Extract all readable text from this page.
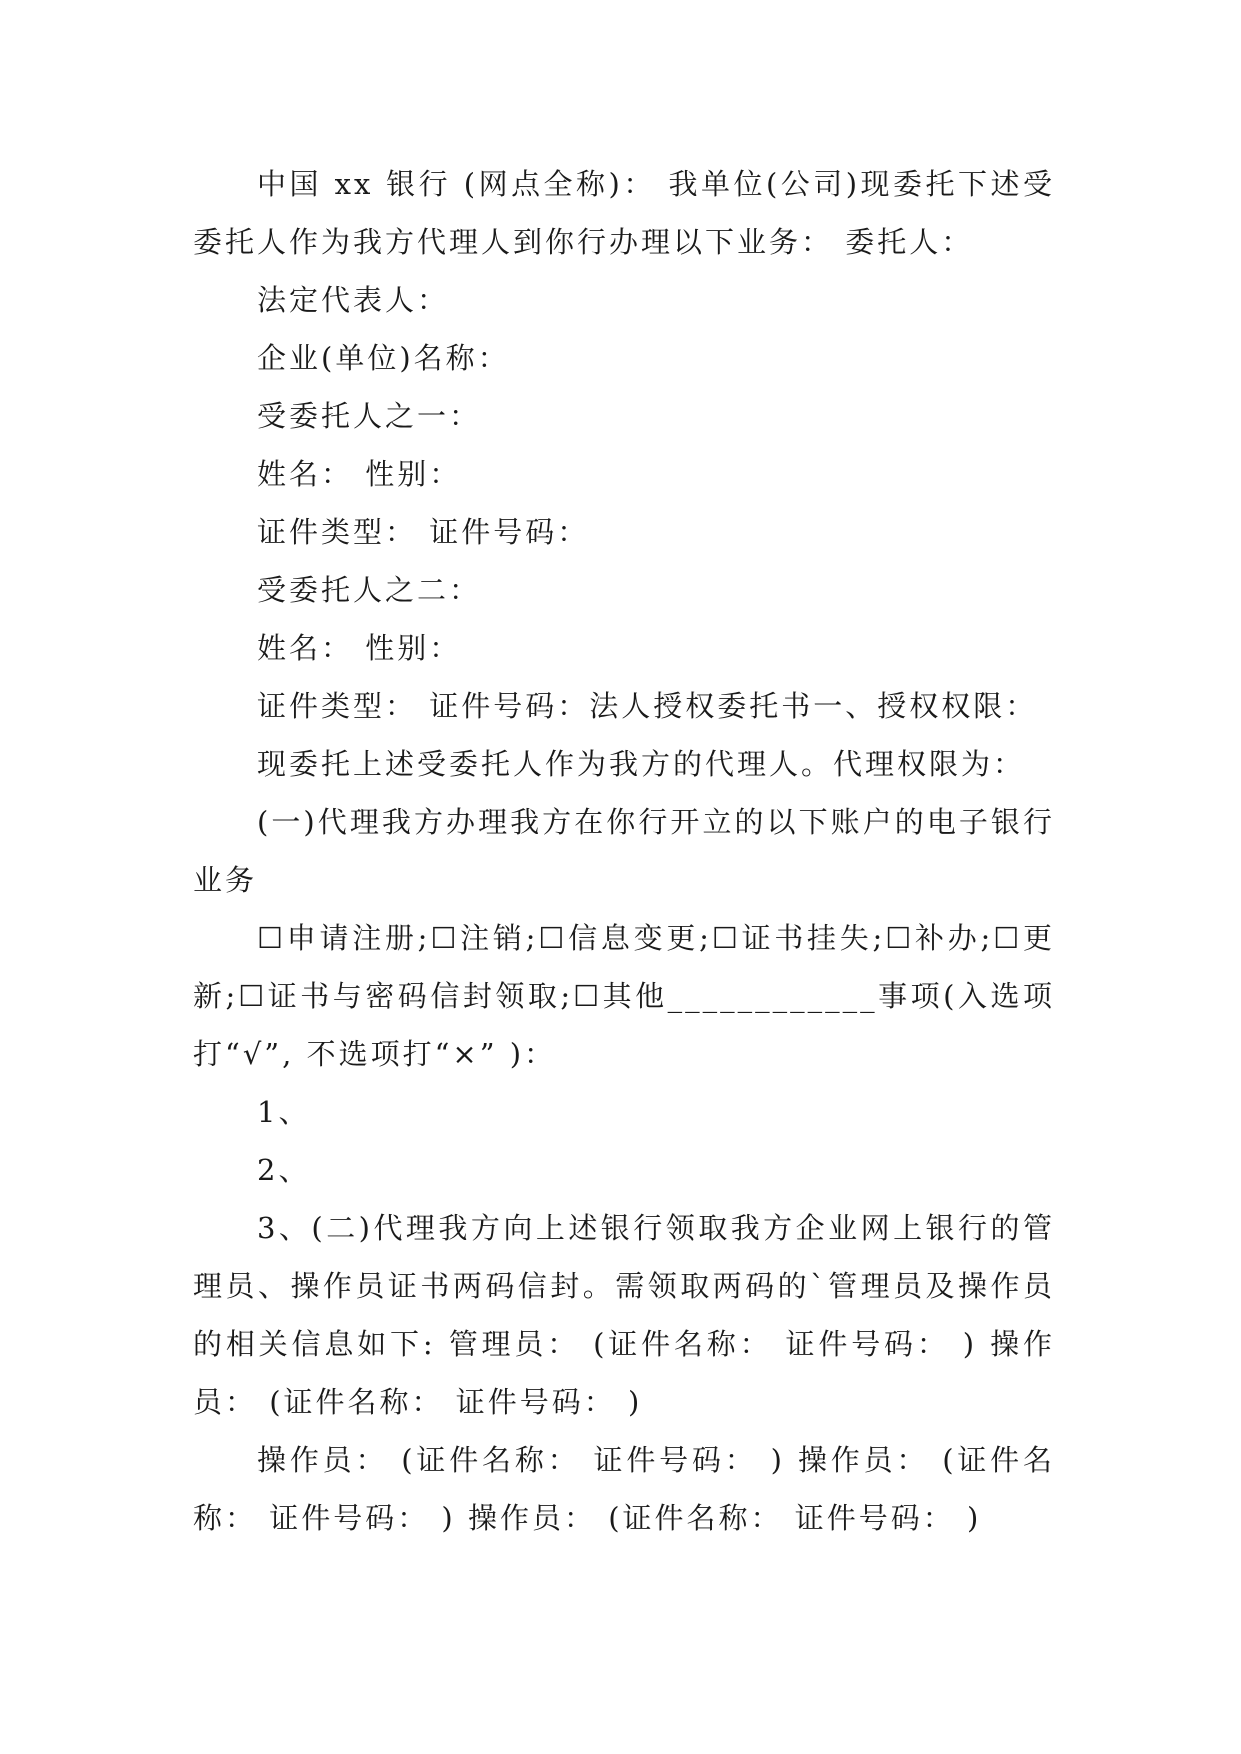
中国 xx 银行 (网点全称)： 我单位(公司)现委托下述受委托人作为我方代理人到你行办理以下业务： 委托人：

法定代表人：

企业(单位)名称：

受委托人之一：

姓名： 性别：

证件类型： 证件号码：

受委托人之二：

姓名： 性别：

证件类型： 证件号码：法人授权委托书一、授权权限：

现委托上述受委托人作为我方的代理人。代理权限为：

(一)代理我方办理我方在你行开立的以下账户的电子银行业务

☐申请注册;☐注销;☐信息变更;☐证书挂失;☐补办;☐更新;☐证书与密码信封领取;☐其他____________事项(入选项打“√”, 不选项打“×” )：

1、

2、

3、(二)代理我方向上述银行领取我方企业网上银行的管理员、操作员证书两码信封。需领取两码的`管理员及操作员的相关信息如下: 管理员： (证件名称： 证件号码： ) 操作员： (证件名称： 证件号码： )

操作员： (证件名称： 证件号码： ) 操作员： (证件名称： 证件号码： ) 操作员： (证件名称： 证件号码： )
